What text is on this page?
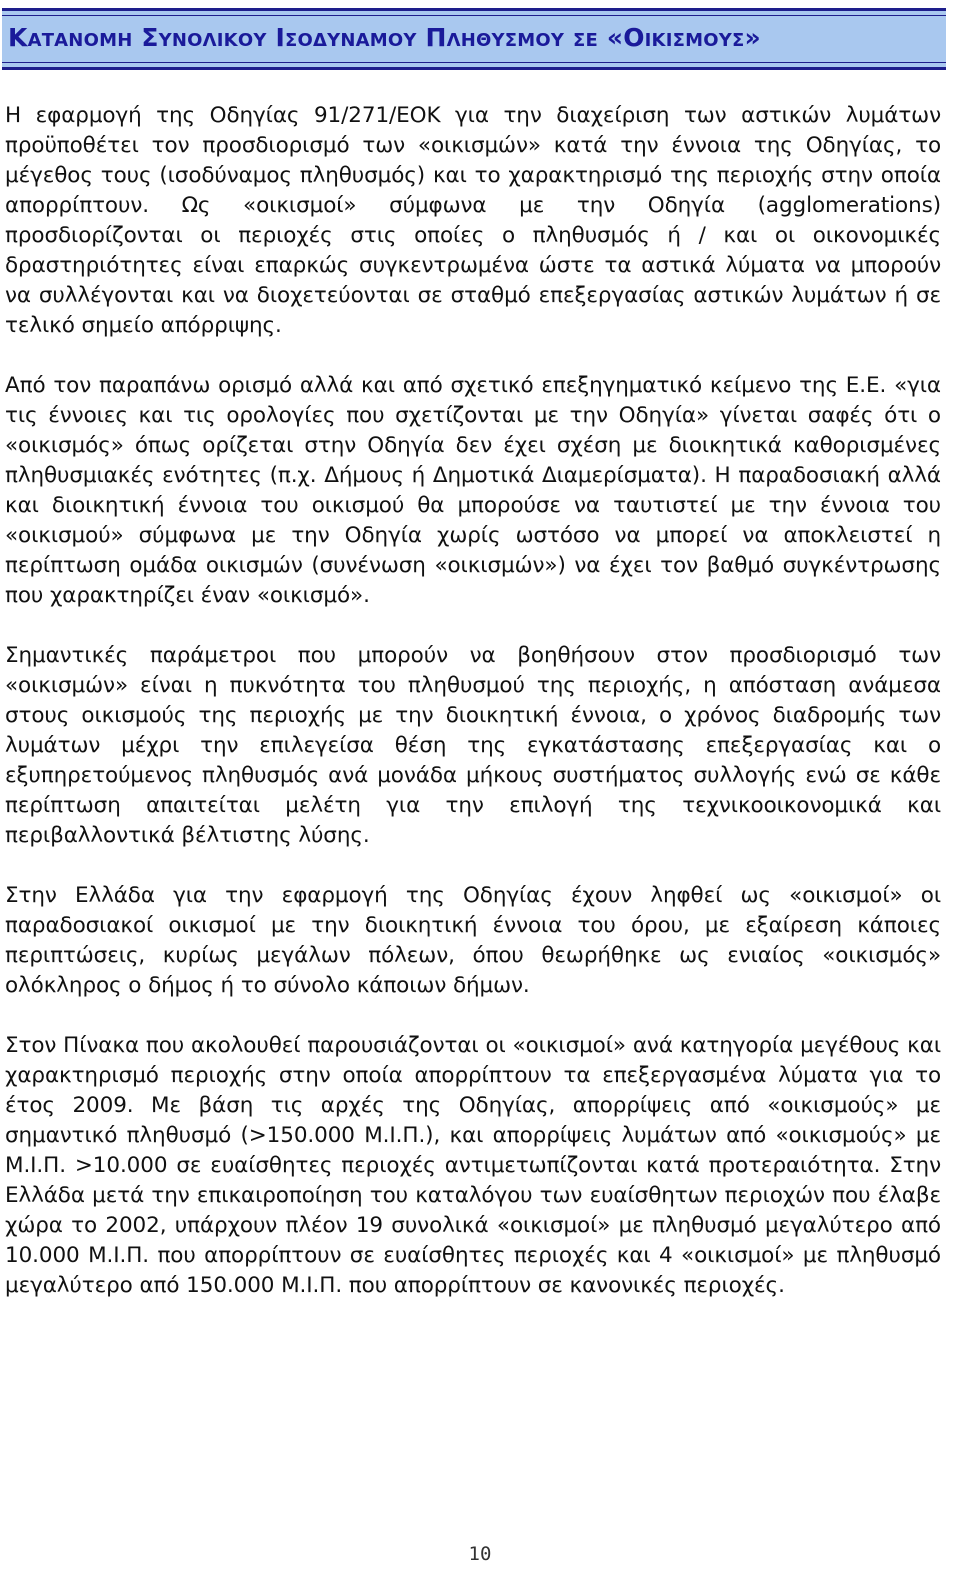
Κατανομη Συνολικου Ισοδυναμου Πληθυσμου σε «Οικισμους»

Η εφαρμογή της Οδηγίας 91/271/ΕΟΚ για την διαχείριση των αστικών λυμάτων προϋποθέτει τον προσδιορισμό των «οικισμών» κατά την έννοια της Οδηγίας, το μέγεθος τους (ισοδύναμος πληθυσμός) και το χαρακτηρισμό της περιοχής στην οποία απορρίπτουν. Ως «οικισμοί» σύμφωνα με την Οδηγία (agglomerations) προσδιορίζονται οι περιοχές στις οποίες ο πληθυσμός ή / και οι οικονομικές δραστηριότητες είναι επαρκώς συγκεντρωμένα ώστε τα αστικά λύματα να μπορούν να συλλέγονται και να διοχετεύονται σε σταθμό επεξεργασίας αστικών λυμάτων ή σε τελικό σημείο απόρριψης.

Από τον παραπάνω ορισμό αλλά και από σχετικό επεξηγηματικό κείμενο της Ε.Ε. «για τις έννοιες και τις ορολογίες που σχετίζονται με την Οδηγία» γίνεται σαφές ότι ο «οικισμός» όπως ορίζεται στην Οδηγία δεν έχει σχέση με διοικητικά καθορισμένες πληθυσμιακές ενότητες (π.χ. Δήμους ή Δημοτικά Διαμερίσματα). Η παραδοσιακή αλλά και διοικητική έννοια του οικισμού θα μπορούσε να ταυτιστεί με την έννοια του «οικισμού» σύμφωνα με την Οδηγία χωρίς ωστόσο να μπορεί να αποκλειστεί η περίπτωση ομάδα οικισμών (συνένωση «οικισμών») να έχει τον βαθμό συγκέντρωσης που χαρακτηρίζει έναν «οικισμό».

Σημαντικές παράμετροι που μπορούν να βοηθήσουν στον προσδιορισμό των «οικισμών» είναι η πυκνότητα του πληθυσμού της περιοχής, η απόσταση ανάμεσα στους οικισμούς της περιοχής με την διοικητική έννοια, ο χρόνος διαδρομής των λυμάτων μέχρι την επιλεγείσα θέση της εγκατάστασης επεξεργασίας και ο εξυπηρετούμενος πληθυσμός ανά μονάδα μήκους συστήματος συλλογής ενώ σε κάθε περίπτωση απαιτείται μελέτη για την επιλογή της τεχνικοοικονομικά και περιβαλλοντικά βέλτιστης λύσης.

Στην Ελλάδα για την εφαρμογή της Οδηγίας έχουν ληφθεί ως «οικισμοί» οι παραδοσιακοί οικισμοί με την διοικητική έννοια του όρου, με εξαίρεση κάποιες περιπτώσεις, κυρίως μεγάλων πόλεων, όπου θεωρήθηκε ως ενιαίος «οικισμός» ολόκληρος ο δήμος ή το σύνολο κάποιων δήμων.

Στον Πίνακα που ακολουθεί παρουσιάζονται οι «οικισμοί» ανά κατηγορία μεγέθους και χαρακτηρισμό περιοχής στην οποία απορρίπτουν τα επεξεργασμένα λύματα για το έτος 2009. Με βάση τις αρχές της Οδηγίας, απορρίψεις από «οικισμούς» με σημαντικό πληθυσμό (>150.000 Μ.Ι.Π.), και απορρίψεις λυμάτων από «οικισμούς» με Μ.Ι.Π. >10.000 σε ευαίσθητες περιοχές αντιμετωπίζονται κατά προτεραιότητα. Στην Ελλάδα μετά την επικαιροποίηση του καταλόγου των ευαίσθητων περιοχών που έλαβε χώρα το 2002, υπάρχουν πλέον 19 συνολικά «οικισμοί» με πληθυσμό μεγαλύτερο από 10.000 Μ.Ι.Π. που απορρίπτουν σε ευαίσθητες περιοχές και 4 «οικισμοί» με πληθυσμό μεγαλύτερο από 150.000 Μ.Ι.Π. που απορρίπτουν σε κανονικές περιοχές.

10
